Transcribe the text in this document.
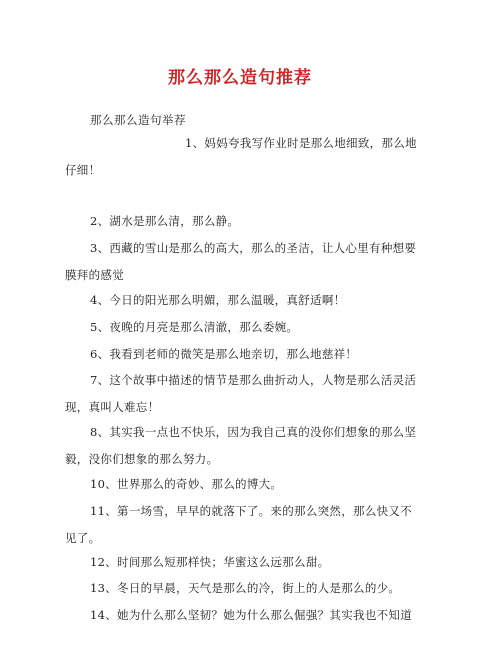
那么那么造句推荐
那么那么造句举荐
1、妈妈夸我写作业时是那么地细致，那么地
仔细！
2、湖水是那么清，那么静。
3、西藏的雪山是那么的高大，那么的圣洁，让人心里有种想要
膜拜的感觉
4、今日的阳光那么明媚，那么温暖，真舒适啊！
5、夜晚的月亮是那么清澈，那么委婉。
6、我看到老师的微笑是那么地亲切，那么地慈祥！
7、这个故事中描述的情节是那么曲折动人，人物是那么活灵活
现，真叫人难忘！
8、其实我一点也不快乐，因为我自己真的没你们想象的那么坚
毅，没你们想象的那么努力。
10、世界那么的奇妙、那么的博大。
11、第一场雪，早早的就落下了。来的那么突然，那么快又不
见了。
12、时间那么短那样快；华蜜这么远那么甜。
13、冬日的早晨，天气是那么的冷，街上的人是那么的少。
14、她为什么那么坚韧？她为什么那么倔强？其实我也不知道
